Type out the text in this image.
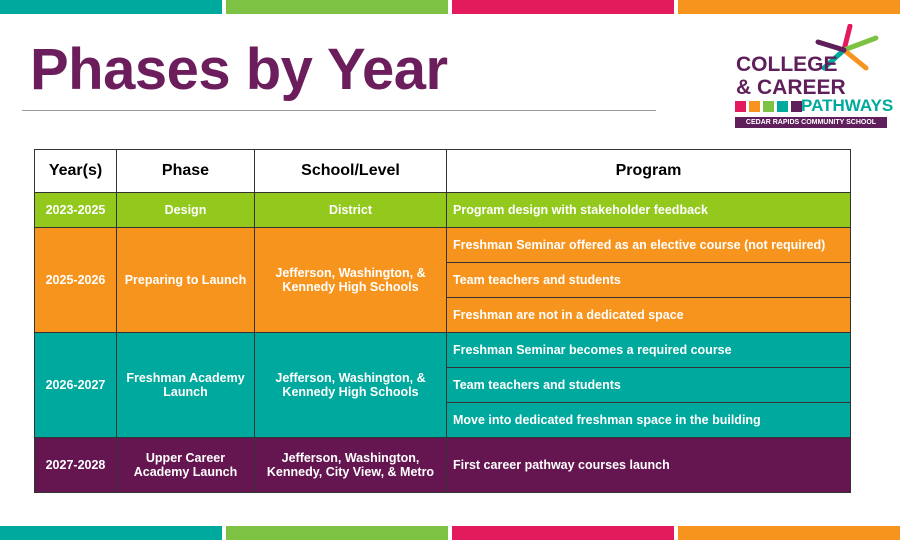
Phases by Year	COLLEGE
& CAREER
PATHWAYS
CEDAR RAPIDS COMMUNITY SCHOOL DISTRICT
Year(s)	Phase	School/Level	Program
2023-2025	Design	District	Program design with stakeholder feedback
2025-2026	Preparing to Launch	Jefferson, Washington, & Kennedy High Schools	Freshman Seminar offered as an elective course (not required)
			Team teachers and students
			Freshman are not in a dedicated space
2026-2027	Freshman Academy Launch	Jefferson, Washington, & Kennedy High Schools	Freshman Seminar becomes a required course
			Team teachers and students
			Move into dedicated freshman space in the building
2027-2028	Upper Career Academy Launch	Jefferson, Washington, Kennedy, City View, & Metro	First career pathway courses launch
